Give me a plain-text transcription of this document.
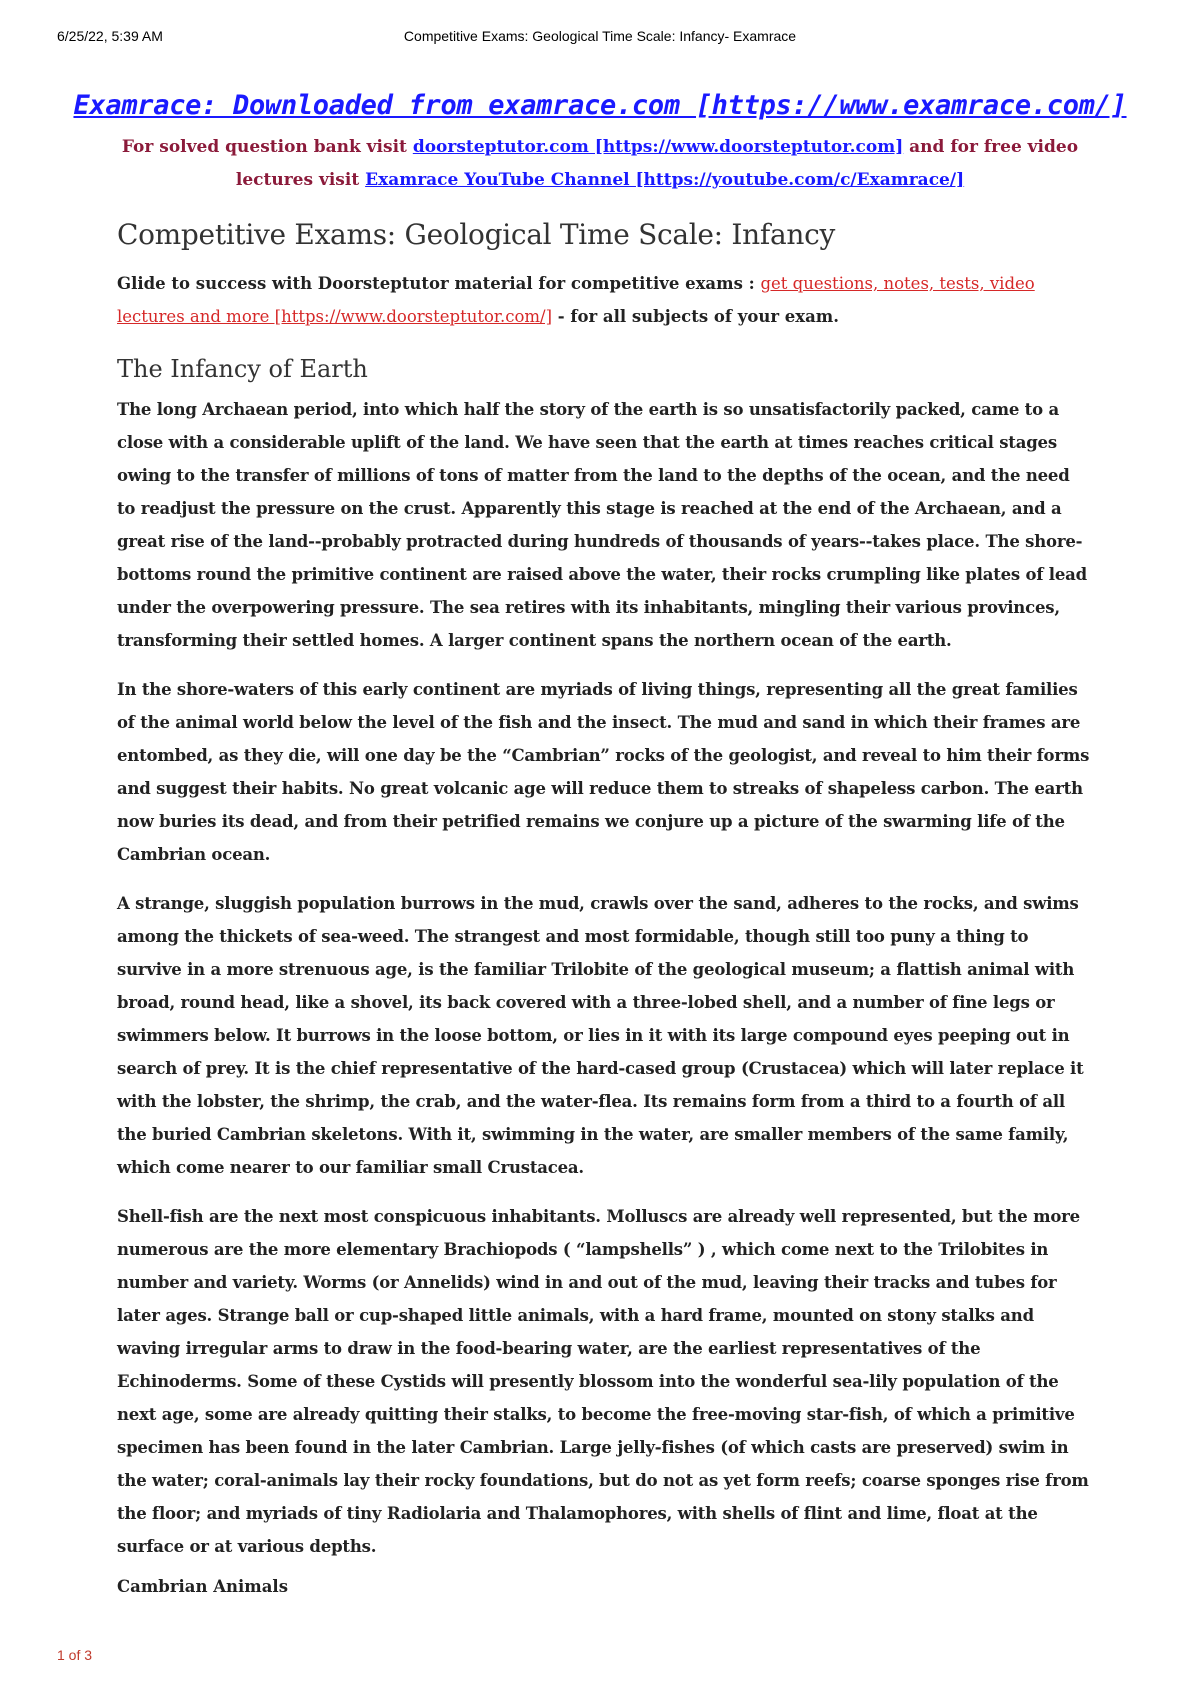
6/25/22, 5:39 AM	Competitive Exams: Geological Time Scale: Infancy- Examrace
Examrace: Downloaded from examrace.com [https://www.examrace.com/]
For solved question bank visit doorsteptutor.com [https://www.doorsteptutor.com] and for free video lectures visit Examrace YouTube Channel [https://youtube.com/c/Examrace/]
Competitive Exams: Geological Time Scale: Infancy
Glide to success with Doorsteptutor material for competitive exams : get questions, notes, tests, video lectures and more [https://www.doorsteptutor.com/] - for all subjects of your exam.
The Infancy of Earth

The long Archaean period, into which half the story of the earth is so unsatisfactorily packed, came to a close with a considerable uplift of the land. We have seen that the earth at times reaches critical stages owing to the transfer of millions of tons of matter from the land to the depths of the ocean, and the need to readjust the pressure on the crust. Apparently this stage is reached at the end of the Archaean, and a great rise of the land--probably protracted during hundreds of thousands of years--takes place. The shore-bottoms round the primitive continent are raised above the water, their rocks crumpling like plates of lead under the overpowering pressure. The sea retires with its inhabitants, mingling their various provinces, transforming their settled homes. A larger continent spans the northern ocean of the earth.

In the shore-waters of this early continent are myriads of living things, representing all the great families of the animal world below the level of the fish and the insect. The mud and sand in which their frames are entombed, as they die, will one day be the “Cambrian” rocks of the geologist, and reveal to him their forms and suggest their habits. No great volcanic age will reduce them to streaks of shapeless carbon. The earth now buries its dead, and from their petrified remains we conjure up a picture of the swarming life of the Cambrian ocean.

A strange, sluggish population burrows in the mud, crawls over the sand, adheres to the rocks, and swims among the thickets of sea-weed. The strangest and most formidable, though still too puny a thing to survive in a more strenuous age, is the familiar Trilobite of the geological museum; a flattish animal with broad, round head, like a shovel, its back covered with a three-lobed shell, and a number of fine legs or swimmers below. It burrows in the loose bottom, or lies in it with its large compound eyes peeping out in search of prey. It is the chief representative of the hard-cased group (Crustacea) which will later replace it with the lobster, the shrimp, the crab, and the water-flea. Its remains form from a third to a fourth of all the buried Cambrian skeletons. With it, swimming in the water, are smaller members of the same family, which come nearer to our familiar small Crustacea.

Shell-fish are the next most conspicuous inhabitants. Molluscs are already well represented, but the more numerous are the more elementary Brachiopods ( “lampshells” ) , which come next to the Trilobites in number and variety. Worms (or Annelids) wind in and out of the mud, leaving their tracks and tubes for later ages. Strange ball or cup-shaped little animals, with a hard frame, mounted on stony stalks and waving irregular arms to draw in the food-bearing water, are the earliest representatives of the Echinoderms. Some of these Cystids will presently blossom into the wonderful sea-lily population of the next age, some are already quitting their stalks, to become the free-moving star-fish, of which a primitive specimen has been found in the later Cambrian. Large jelly-fishes (of which casts are preserved) swim in the water; coral-animals lay their rocky foundations, but do not as yet form reefs; coarse sponges rise from the floor; and myriads of tiny Radiolaria and Thalamophores, with shells of flint and lime, float at the surface or at various depths.

Cambrian Animals
1 of 3
